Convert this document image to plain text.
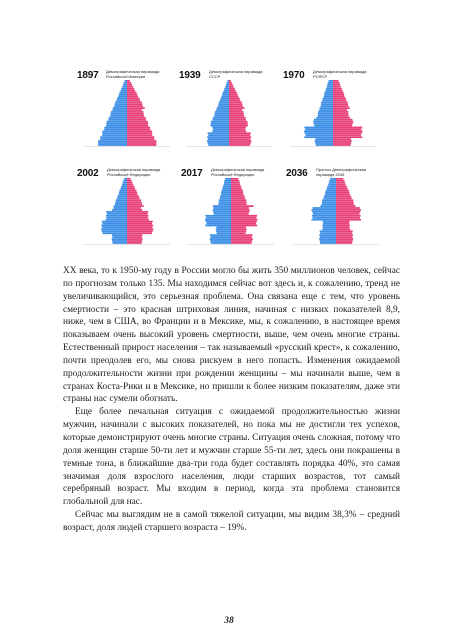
1897 Демографическая пирамида Российской Империи	1939 Демографическая пирамида СССР	1970 Демографическая пирамида РСФСР
2002 Демографическая пирамида Российской Федерации	2017 Демографическая пирамида Российской Федерации	2036 Прогноз Демографическая пирамида 2036

XX века, то к 1950-му году в России могло бы жить 350 миллионов человек, сейчас по прогнозам только 135. Мы находимся сейчас вот здесь и, к сожалению, тренд не увеличивающийся, это серьезная проблема. Она связана еще с тем, что уровень смертности – это красная штриховая линия, начиная с низких показателей 8,9, ниже, чем в США, во Франции и в Мексике, мы, к сожалению, в настоящее время показываем очень высокий уровень смертности, выше, чем очень многие страны. Естественный прирост населения – так называемый «русский крест», к сожалению, почти преодолев его, мы снова рискуем в него попасть. Изменения ожидаемой продолжительности жизни при рождении женщины – мы начинали выше, чем в странах Коста-Рики и в Мексике, но пришли к более низким показателям, даже эти страны нас сумели обогнать.

Еще более печальная ситуация с ожидаемой продолжительностью жизни мужчин, начинали с высоких показателей, но пока мы не достигли тех успехов, которые демонстрируют очень многие страны. Ситуация очень сложная, потому что доля женщин старше 50-ти лет и мужчин старше 55-ти лет, здесь они покрашены в темные тона, в ближайшие два-три года будет составлять порядка 40%, это самая значимая доля взрослого населения, люди старших возрастов, тот самый серебряный возраст. Мы входим в период, когда эта проблема становится глобальной для нас.

Сейчас мы выглядим не в самой тяжелой ситуации, мы видим 38,3% – средний возраст, доля людей старшего возраста – 19%.

38
